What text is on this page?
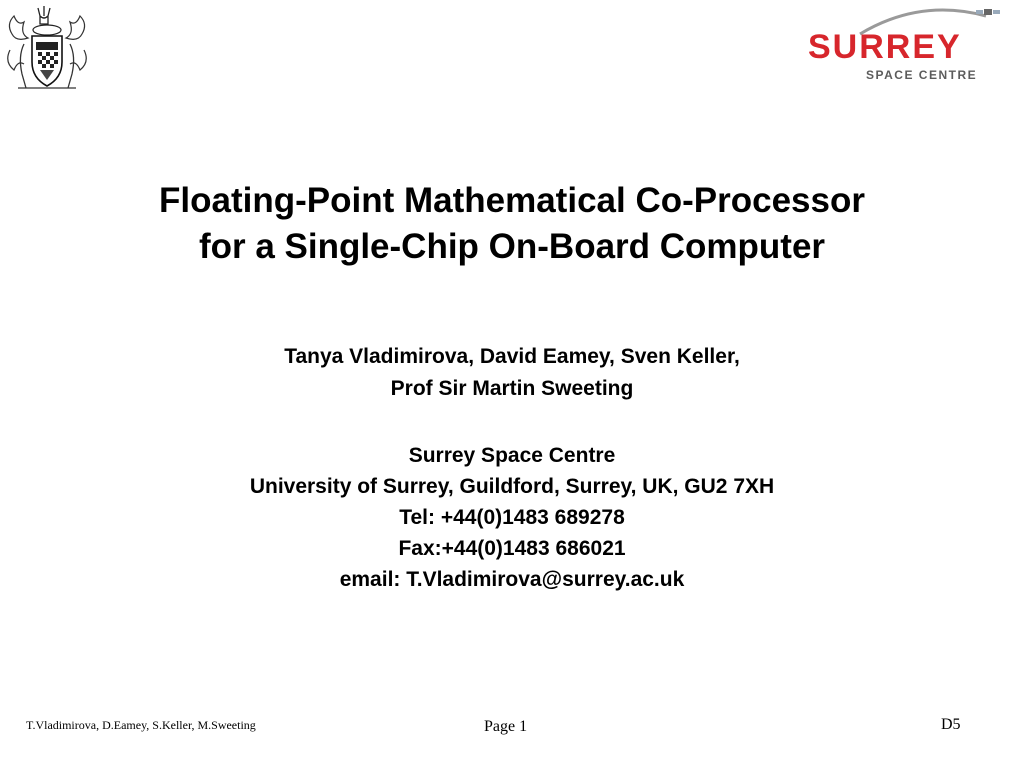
SURREY
SPACE CENTRE
Floating-Point Mathematical Co-Processor
for a Single-Chip On-Board Computer
Tanya Vladimirova, David Eamey, Sven Keller,
Prof Sir Martin Sweeting
Surrey Space Centre
University of Surrey, Guildford, Surrey, UK, GU2 7XH
Tel: +44(0)1483 689278
Fax:+44(0)1483 686021
email: T.Vladimirova@surrey.ac.uk
T.Vladimirova, D.Eamey, S.Keller, M.Sweeting	Page 1	D5
